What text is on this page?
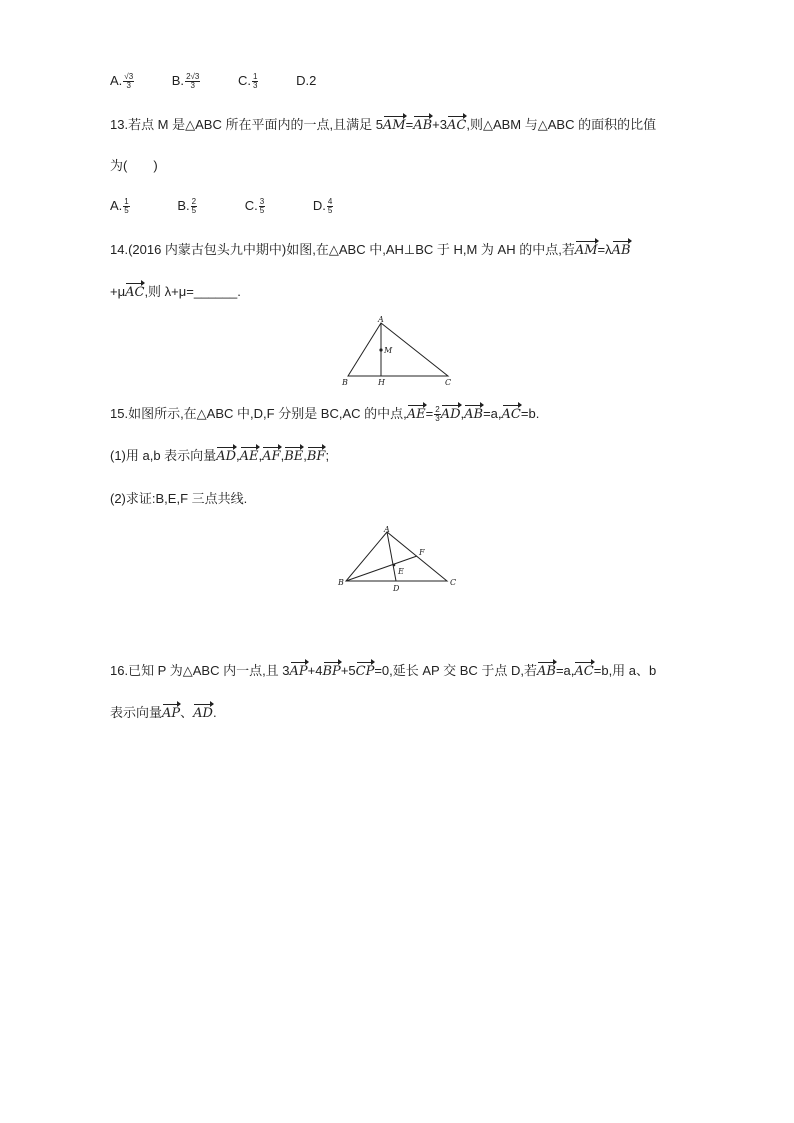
A. $\frac{√3}{3}$	B. $\frac{2√3}{3}$	C. $\frac{1}{3}$	D.2
13.若点 M 是△ABC 所在平面内的一点,且满足 5AM=AB+3AC,则△ABM 与△ABC 的面积的比值
为(　　)
A. $\frac{1}{5}$	B. $\frac{2}{5}$	C. $\frac{3}{5}$	D. $\frac{4}{5}$
14.(2016 内蒙古包头九中期中)如图,在△ABC 中,AH⊥BC 于 H,M 为 AH 的中点,若AM=λAB
+μAC,则 λ+μ=______.
A
B	C
H
M
15.如图所示,在△ABC 中,D,F 分别是 BC,AC 的中点$,AE= \frac{2}{3} AD,AB=a,AC=b$.
(1)用 a,b 表示向量AD,AE,AF,BE,BF;
(2)求证:B,E,F 三点共线.
A
B	C
D
E
F
16.已知 P 为△ABC 内一点,且 3AP+4BP+5CP=0,延长 AP 交 BC 于点 D,若AB=a,AC=b,用 a、b
表示向量AP、AD.
